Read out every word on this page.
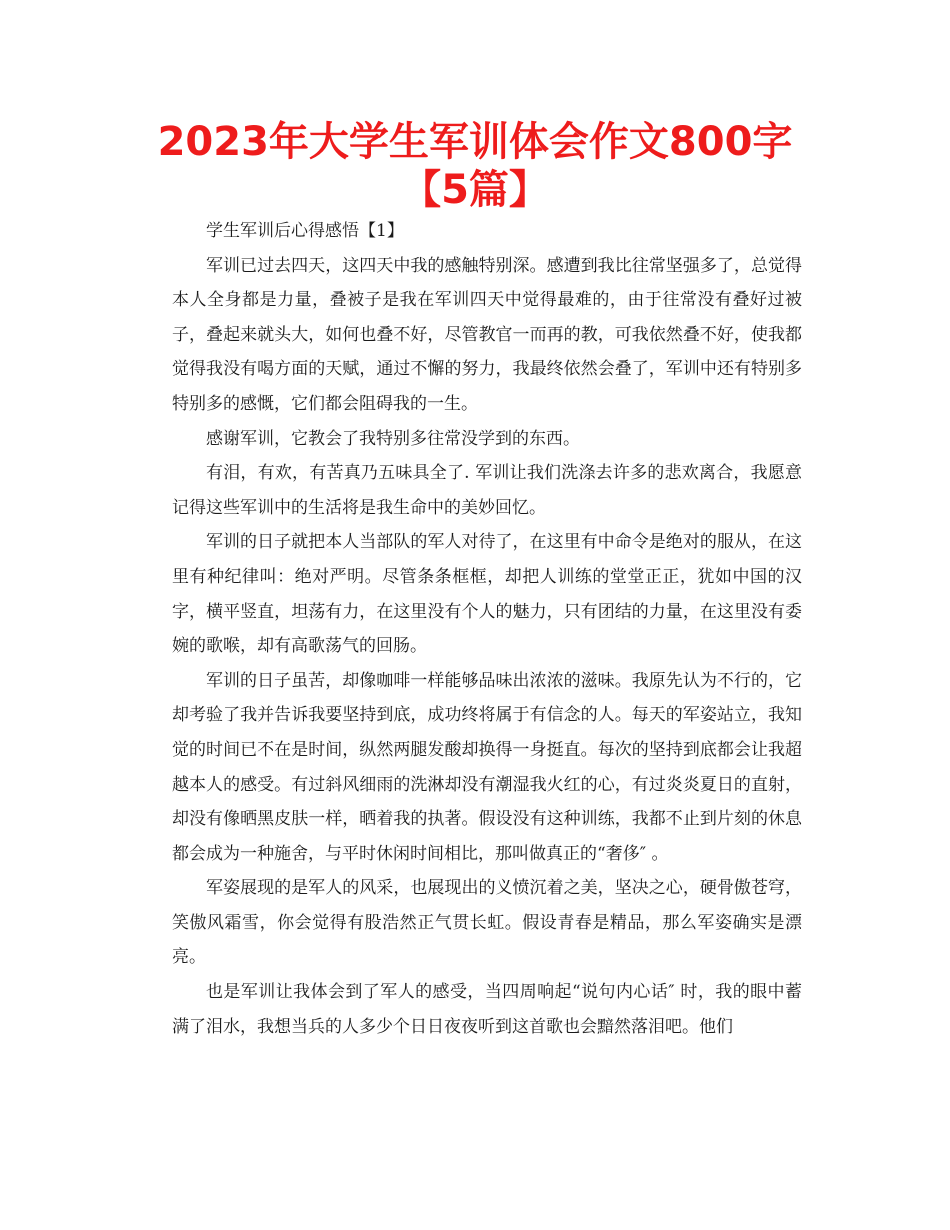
2023年大学生军训体会作文800字【5篇】

学生军训后心得感悟【1】

军训已过去四天，这四天中我的感触特别深。感遭到我比往常坚强多了，总觉得本人全身都是力量，叠被子是我在军训四天中觉得最难的，由于往常没有叠好过被子，叠起来就头大，如何也叠不好，尽管教官一而再的教，可我依然叠不好，使我都觉得我没有喝方面的天赋，通过不懈的努力，我最终依然会叠了，军训中还有特别多特别多的感慨，它们都会阻碍我的一生。

感谢军训，它教会了我特别多往常没学到的东西。

有泪，有欢，有苦真乃五味具全了. 军训让我们洗涤去许多的悲欢离合，我愿意记得这些军训中的生活将是我生命中的美妙回忆。

军训的日子就把本人当部队的军人对待了，在这里有中命令是绝对的服从，在这里有种纪律叫：绝对严明。尽管条条框框，却把人训练的堂堂正正，犹如中国的汉字，横平竖直，坦荡有力，在这里没有个人的魅力，只有团结的力量，在这里没有委婉的歌喉，却有高歌荡气的回肠。

军训的日子虽苦，却像咖啡一样能够品味出浓浓的滋味。我原先认为不行的，它却考验了我并告诉我要坚持到底，成功终将属于有信念的人。每天的军姿站立，我知觉的时间已不在是时间，纵然两腿发酸却换得一身挺直。每次的坚持到底都会让我超越本人的感受。有过斜风细雨的洗淋却没有潮湿我火红的心，有过炎炎夏日的直射，却没有像晒黑皮肤一样，晒着我的执著。假设没有这种训练，我都不止到片刻的休息都会成为一种施舍，与平时休闲时间相比，那叫做真正的“奢侈″ 。

军姿展现的是军人的风采，也展现出的义愤沉着之美，坚决之心，硬骨傲苍穹，笑傲风霜雪，你会觉得有股浩然正气贯长虹。假设青春是精品，那么军姿确实是漂亮。

也是军训让我体会到了军人的感受，当四周响起“说句内心话″ 时，我的眼中蓄满了泪水，我想当兵的人多少个日日夜夜听到这首歌也会黯然落泪吧。他们
